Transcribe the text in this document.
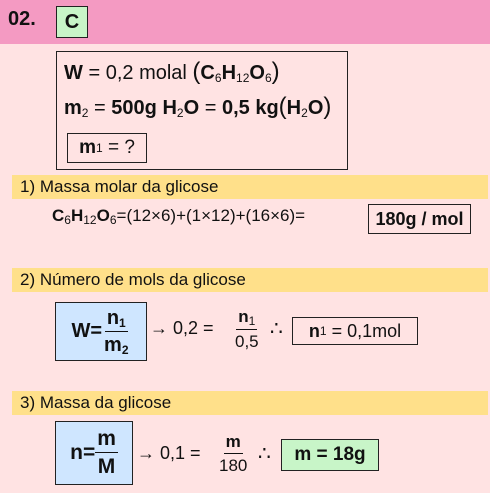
02.	C
W = 0,2 molal $(C_6H_{12}O_6)$
$m_2 = 500g$ $H_2O = 0,5$ $kg(H_2O)$
m 1
= ?
1) Massa molar da glicose
$C_6H_{12}O_6=(12\times 6)+(1\times 12)+(16\times 6)=$	180g / mol
2) Número de mols da glicose
$W = \frac{n_1}{m_2} \to 0,2 = \frac{n_1}{0,5}$ ∴ n 1
= 0,1mol
3) Massa da glicose
$n = \frac{m}{M} \to 0,1 = \frac{m}{180}$ ∴ m = 18g
